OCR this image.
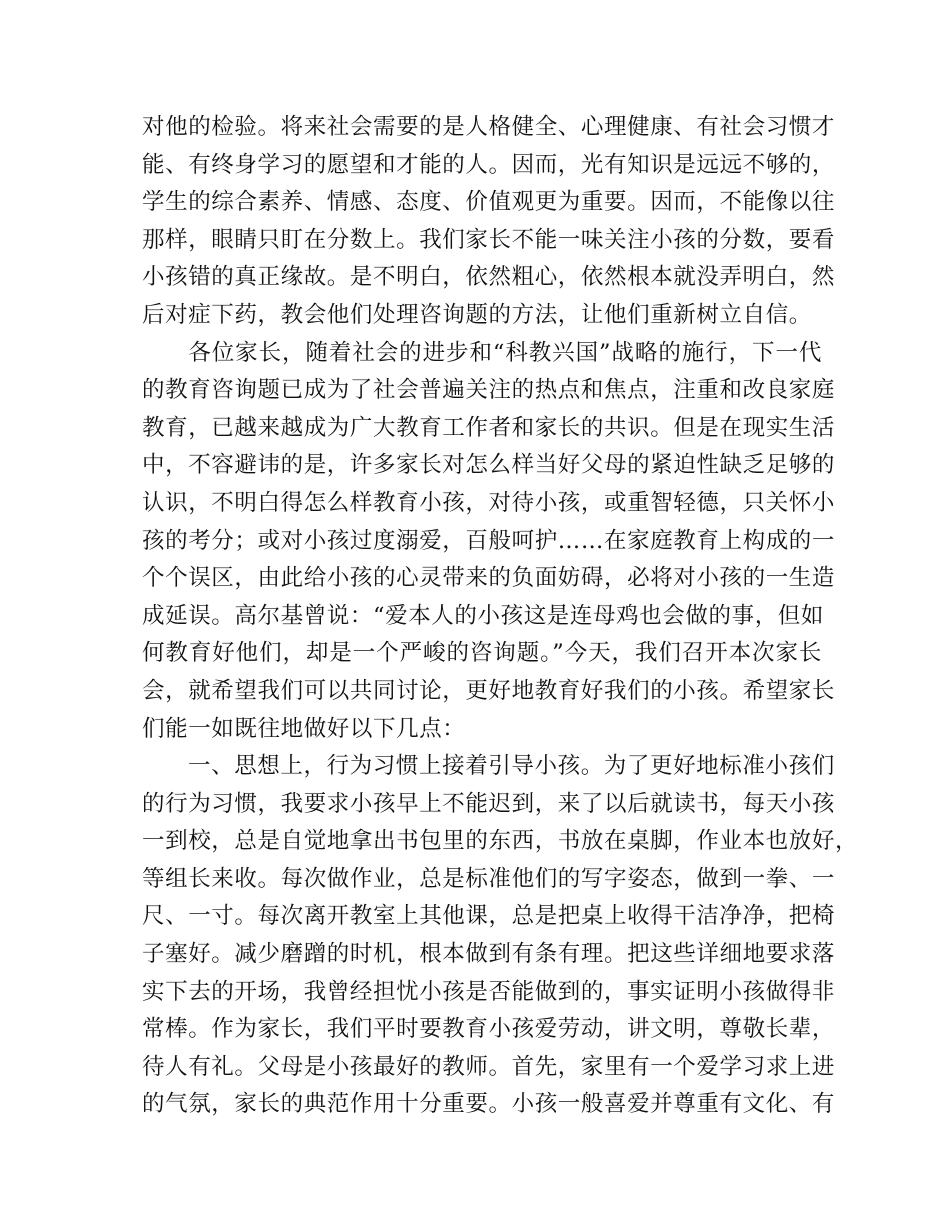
对他的检验。将来社会需要的是人格健全、心理健康、有社会习惯才
能、有终身学习的愿望和才能的人。因而，光有知识是远远不够的，
学生的综合素养、情感、态度、价值观更为重要。因而，不能像以往
那样，眼睛只盯在分数上。我们家长不能一味关注小孩的分数，要看
小孩错的真正缘故。是不明白，依然粗心，依然根本就没弄明白，然
后对症下药，教会他们处理咨询题的方法，让他们重新树立自信。
各位家长，随着社会的进步和“科教兴国”战略的施行，下一代
的教育咨询题已成为了社会普遍关注的热点和焦点，注重和改良家庭
教育，已越来越成为广大教育工作者和家长的共识。但是在现实生活
中，不容避讳的是，许多家长对怎么样当好父母的紧迫性缺乏足够的
认识，不明白得怎么样教育小孩，对待小孩，或重智轻德，只关怀小
孩的考分；或对小孩过度溺爱，百般呵护……在家庭教育上构成的一
个个误区，由此给小孩的心灵带来的负面妨碍，必将对小孩的一生造
成延误。高尔基曾说：“爱本人的小孩这是连母鸡也会做的事，但如
何教育好他们，却是一个严峻的咨询题。”今天，我们召开本次家长
会，就希望我们可以共同讨论，更好地教育好我们的小孩。希望家长
们能一如既往地做好以下几点：
一、思想上，行为习惯上接着引导小孩。为了更好地标准小孩们
的行为习惯，我要求小孩早上不能迟到，来了以后就读书，每天小孩
一到校，总是自觉地拿出书包里的东西，书放在桌脚，作业本也放好，
等组长来收。每次做作业，总是标准他们的写字姿态，做到一拳、一
尺、一寸。每次离开教室上其他课，总是把桌上收得干洁净净，把椅
子塞好。减少磨蹭的时机，根本做到有条有理。把这些详细地要求落
实下去的开场，我曾经担忧小孩是否能做到的，事实证明小孩做得非
常棒。作为家长，我们平时要教育小孩爱劳动，讲文明，尊敬长辈，
待人有礼。父母是小孩最好的教师。首先，家里有一个爱学习求上进
的气氛，家长的典范作用十分重要。小孩一般喜爱并尊重有文化、有
